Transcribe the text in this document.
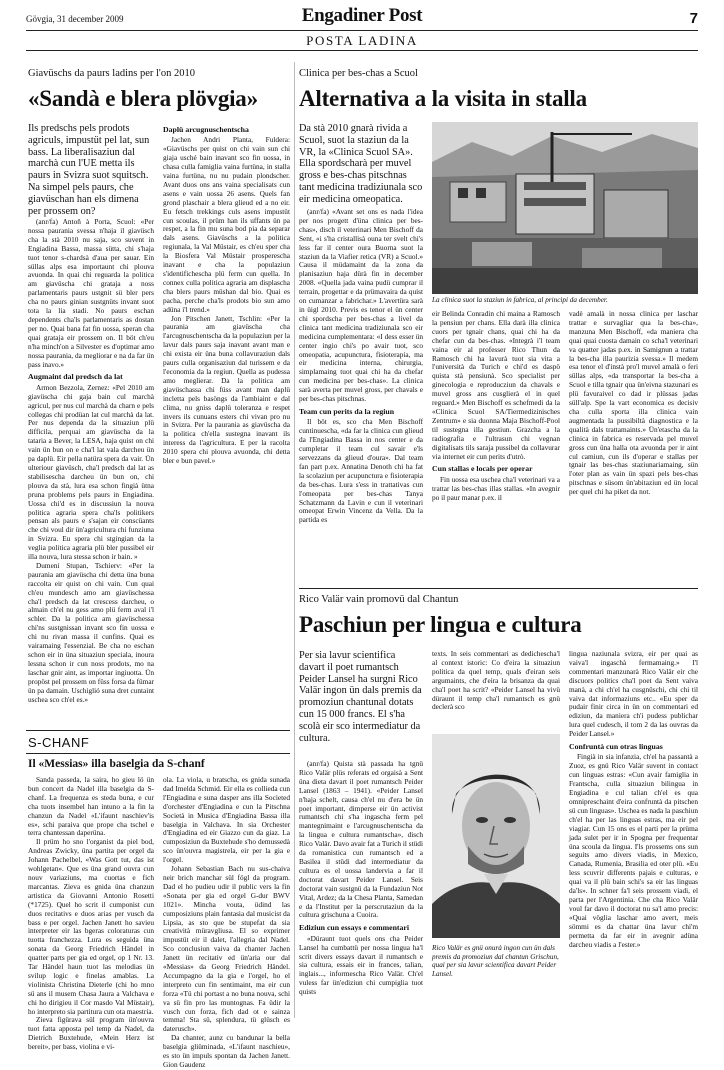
Gövgia, 31 december 2009	Engadiner Post	7
POSTA LADINA
Giavüschs da paurs ladins per l'on 2010
«Sandà e blera plövgia»
Ils predschs pels prodots agriculs, impustüt pel lat, sun bass. La liberalisaziun dal marchà cun l'UE metta ils paurs in Svizra suot squitsch. Na simpel pels paurs, che giavüschan han els dimena per prossem on?

(anr/fa) Antoň à Porta, Scuol: «Per nossa paurania svessa n'haja il giavüsch cha la stà 2010 nu saja, sco suvent in Engiadina Bassa, massa sütta, chi s'haja tuot tenor s-chardsà d'aua per sauar. Ein süllas alps esa importaunt chi plouva avuonda. In quai chi reguarda la politica am giavüscha chi grataja a noss parlamentaris paurs ustgnit sü bler pers cha no paurs ginian sustgnüts invant suot tota la lia stadi. No paurs eschan dependents cha'ls parlamentaris as dostan per no. Quai bana fat fin uossa, speran cha quai grataja eir prossem on. Il böt ch'eu n'ha minch'on a Silvester es d'optimar amo nossa paurania, da megliorar e na da far ün pass inavo.»

Augmaint dal predsch da lat

Armon Bezzola, Zernez: «Pel 2010 am giavüscha chi gaja bain cul marchà agricul, per nus cul marchà da charn e pels collegas chi prodüan lat cul marchà da lat. Per nus dependa da la situaziun plü difficila, perquai am giavüscha da la tataria a Bever, la LESA, haja quist on chi vain ün bun on e cha'l lat vala darcheu ün pa daplü. Eir pella natüra spera da vair. Ün ulteriour giavüsch, cha'l predsch dal lat as stabilisescha darcheu ün bun on, chi plouva da stà, lura esa schon fingià ütna pruna problems pels paurs in Engiadina. Uossa chi'd es in discussiun la nouva politica agraria spera cha'ls politikers pensan als paurs e s'sajan eir conscüants che chi voul dir ün'agricultura chi funziuna in Svizra. Eu spera chi stgingian da la veglia politica agraria plü bler pussibel eir illa nouva, lura stessa schon ir bain. »

Dumeni Stupan, Tschierv: «Per la paurania am giavüscha chi detta üna buna raccolta eir quist on chi vain. Cun quai ch'eu mundesch amo am giavüschessa cha'l predsch da lat crescess darcheu, o almain ch'el nu gess amo plü ferm aval i'l schler. Da la politica am giavüschessa chi'ns sustgnissan invant sco fin uossa e chi nu rivan massa il cunfins. Quai es vairamaing l'essenzial. Be cha no eschan schon eir in üna situaziun speciala, inoura lessna schon ir cun noss prodots, mo na laschar gnir aint, as importar ingiuotta. Ün propöst pel prossem on füss forsa da fümar ün pa damain. Uschiglió suna dret cuntaint uschea sco ch'el es.»

Daplü arcugnuschentscha

Jachen Andri Planta, Fuldera: «Giavüschs per quist on chi vain sun chi giaja usché bain inavant sco fin uossa, in chasa culla famiglia vaina furtüna, in stalla vaina furtüna, nu nu pudain plondscher. Avant duos ons ans vaina specialisats cun asens e vain uossa 26 asens. Quels fan grond plaschair a blera glieud ed a no eir. Eu fetsch trekkings culs asens impustüt cun scoulas, il prüm han ils uffants ün pa respet, a la fin mu suna bod pia da separar dals asens. Giavüschs a la politica regiunala, la Val Müstair, es ch'eu sper cha la Biosfera Val Müstair prosperescha inavant e cha la populaziun s'identifichescha plü ferm cun quella. In connex culla politica agraria am displascha cha blers paurs müshan dal bio. Quai es pacha, perche cha'ls prodots bio sun amo adüna i'l trend.»

Jon Pitschen Janett, Tschlin: «Per la paurania am giavüscha cha l'arcugnuschentscha da la populaziun per la lavur dals paurs saja inavant avant man e chi exista eir üna buna collavuraziun dals paurs culla organisaziun dal turissem e da l'economia da la regiun. Quella as pudessa amo meglierar. Da la politica am giavüschassa chi füss avant man daplü incletta pels basöngs da l'ambiaint e dal clima, nu gniss daplü toleranza e respet invers ils cunuans esters chi vivan pro nu in Svizra. Per la paurania as giavüscha da la politica ch'ella sustegna inavant ils interess da l'agricultura. E per la racolta 2010 spera chi plouva avuonda, chi detta bler e bun pavel.»

Clinica per bes-chas a Scuol
Alternativa a la visita in stalla
Da stà 2010 gnarà rivida a Scuol, suot la staziun da la VR, la «Clinica Scuol SA». Ella spordscharà per muvel gross e bes-chas pitschnas tant medicina tradiziunala sco eir medicina omeopatica.
La clinica suot la staziun in fabrica, al principi da december.

(anr/fa) «Avant set ons es nada l'idea per nos progett d'üna clinica per bes-chas», disch il veterinari Men Bischoff da Sent, «i s'ha cristallisà ouna ter svelt chi's less far il center oura Buorna suot la staziun da la Viafier retica (VR) a Scuol.» Causa il müdamaint da la zona da planisaziun haja dürà fin in december 2008. «Quella jada vaina pudü cumprar il terrain, progettar e da prümavaira da quist on cumanzar a fabrichar.» L'avertüra sarà in üigl 2010. Previs es tenor el ün center chi spordscha per bes-chas a livel da clinica tant medicina tradiziunala sco eir medicina cumplementara: «I dess esser ün center ingio chi's po avair tuot, sco omeopatia, acupunctura, fisioterapia, ma eir medicina interna, chirurgia, simplamaing tuot quai chi ha da chefar cun medicina per bes-chas». La clinica sarà averta per muvel gross, per chavals e per bes-chas pitschnas.

Team cun perits da la regiun

Il böt es, sco cha Men Bischoff cuntinuescha, «da far la clinica cun glieud da l'Engiadina Bassa in nos center e da cumpletar il team cul savair e'ls servezzans da glieud d'oura». Dal team fan part p.ex. Annatina Denoth chi ha fat la scolaziun per acupunctura e fisioterapia da bes-chas. Lura s'ess in trattativas cun l'omeopata per bes-chas Tanya Schatzmann da Lavin e cun il veterinari omeopat Erwin Vincenz da Vella. Da la partida es

eir Belinda Conradin chi maina a Ramosch la pensiun per chans. Ella darà illa clinica cuors per tgnair chans, quai chi ha da chefar cun da bes-chas. «Integrà i'l team vaina eir al professer Rico Thun da Ramosch chi ha lavurà tuot sia vita a l'università da Turich e chi'd es daspö quista stà pensiunà. Sco specialist per ginecologia e reproducziun da chavals e muvel gross ans cusglierà el in quel reguard.» Men Bischoff es schefmedi da la «Clinica Scuol SA/Tiermedizinisches Zentrum» e sia duonna Maja Bischoff-Pool til sustegna illa gestiun. Grazcha a la radiografia e l'ultrasun chi vegnan digitalisats tils saraja pussibel da collavurar via internet eir cun perits d'utrò.

Cun stallas e locals per operar

Fin uossa esa uschea cha'l veterinari va a trattar las bes-chas illas stallas. «In avegnir po il paur manar p.ex. il

vadè amalà in nossa clinica per laschar trattar e survagliar qua la bes-cha», manzuna Men Bischoff, «da maniera cha quai quai cuosta damain co scha'l veterinari va quatter jadas p.ex. in Samignun a trattar la bes-cha illa paurizia svessa.» Il medem esa tenor el d'instà pro'l muvel amalà o feri süllas alps, «da transportar la bes-cha a Scuol e tilla tgnair qua ün'eivna stazunari es plü favuraivel co dad ir plüssas jadas süll'alp. Spe la vart economica es decisiv cha culla sporta illa clinica vain augmentada la pussibiltà diagnostica e la qualità dals trattamaints.» Ün'etascha da la clinica in fabrica es reservada pel muvel gross cun üna halla ota avuonda per ir aint cul camiun, cun ils d'operar e stallas per tgnair las bes-chas staziunariamaing, sün l'oter plan as vain ün spazi pels bes-chas pitschnas e süsom ün'abitaziun ed ün local per quel chi ha piket da not.

Rico Valär vain promovü dal Chantun
Paschiun per lingua e cultura
Per sia lavur scientifica davart il poet rumantsch Peider Lansel ha surgni Rico Valär ingon ün dals premis da promoziun chantunal dotats cun 15 000 francs. El s'ha scolà eir sco intermediatur da cultura.

(anr/fa) Quista stà passada ha tgnü Rico Valär plüs referats ed orgaisà a Sent üna dieta davart il poet rumantsch Peider Lansel (1863 – 1941). «Peider Lansel n'haja schelt, causa ch'el nu d'era be ün poet important, dimperse eir ün activist rumantsch chi s'ha ingascha ferm pel mantegnimaint e l'arcugnuschentscha da la lingua e cultura rumantscha», disch Rico Valär. Davo avair fat a Turich il stüdi da romanistica cun rumantsch ed a Basilea il stüdi dad intermediatur da cultura es el uossa landervia a far il doctorat davart Peider Lansel. Seis doctorat vain sustgnü da la Fundaziun Not Vital, Ardez; da la Chesa Planta, Samedan e da l'Institut per la perscrutaziun da la cultura grischuna a Cuoira.

Ediziun cun essays e commentari

«Düraunt tuot quels ons cha Peider Lansel ha cumbattü per nossa lingua ha'l scrit divers essays davart il rumantsch e sia cultura, essais eir in frances, talian, inglais..., informescha Rico Valär. Ch'el vuless far ün'ediziun chi cumpiglia tuot quists

texts. In seis commentari as dedichescha'l al context istoric: Co d'eira la situaziun politica da quel temp, quals d'eiran seis argumaints, che d'eira la brisanza da quai cha'l poet ha scrit? «Peider Lansel ha vivü düraunt il temp cha'l rumantsch es gnü declerà sco

Rico Valär es gnü onurà ingon cun ün dals premis da promoziun dal chantun Grischun, quai per sia lavur scientifica davart Peider Lansel.

lingua naziunala svizra, eir per quai as vaiva'l ingaschà fermamaing.» I'l commentari manzunarà Rico Valär eir che discuors politics cha'l poet da Sent vaiva manà, a chi ch'el ha cusgnüschi, chi chi til vaiva dat informaziuns etc.. «Eu sper da pudair finir circa in ün on commentari ed ediziun, da maniera ch'i pudess publichar lura quel cudesch, il tom 2 da las ouvras da Peider Lansel.»

Confruntà cun otras linguas

Fingià in sia infanzia, ch'el ha passantà a Zuoz, es gnü Rico Valär suvent in contact cun linguas estras: «Cun avair famiglia in Frantscha, culla situaziun bilingua in Engiadina e cul talian ch'el es qua omnipreschaint d'eira confruntà da pitschen sü cun linguas». Uschea es nada la paschiun ch'el ha per las linguas estras, ma eir pel viagiar. Cun 15 ons es el parti per la prüma jada sulet per ir in Spogna per frequentar üna scoula da lingua. I'ls prossems ons sun seguits amo divers viadis, in Mexico, Canada, Rumenia, Brasilia ed oter plü. «Eu less scuvrir differents pajais e culturas, e quai va il plü bain schi's sa eir las linguas da'ls». In schner fa'l seis prossem viadi, el parta per l'Argentinia. Che cha Rico Valär voul far davo il doctorat nu sa'l amo precis: «Quai vöglia laschar amo avert, meis sömmi es da chattar üna lavur chi'm permetta da far eir in avegnir adüna darcheu viadis a l'ester.»

S-CHANF
Il «Messias» illa baselgia da S-chanf

Sanda passeda, la saira, ho gieu lö ün bun concert da Nadel illa baselgia da S-chanf. La frequenza es steda buna, e cur cha tuots insembel han intuno a la fin la chanzun da Nadel «L'ifaunt naschiev'is es», schi paraiva que prope cha tschel e terra chantessan daperüna.

Il prüm ho sno l'organist da piel bod, Andreas Zwicky, üna partita per orgel da Johann Pachelbel, «Was Gott tut, das ist wohlgetan». Que es üna grand ouvra cun nouv variaziuns, ma cuortas e fich marcantas. Zieva es gnida üna chanzun artistica da Giovanni Antonio Rosetti (*1725). Quel ho scrit il cumponist cun duos recitativs e duos arias per vusch da bass e per orgel. Jachen Janett ho savieu interpreter eir las bgeras coloraturas cun tuotta franchezza. Lura es seguida üna sonata da Georg Friedrich Händel in quatter parts per gia ed orgel, op 1 Nr. 13. Tar Händel haun tuot las melodias ün svilup logic e finelas amablas. La violinista Christina Dieterle (chi ho mno sü ans il musem Chasa Jaura a Valchava e chi ho dirigieu il Cor masdo Val Müstair), ho interpreto sia partitura cun ota maestria.

Zieva figürava sül program ün'ouvra tuot fatta apposta pel temp da Nadel, da Dietrich Buxtehude, «Mein Herz ist bereit», per bass, violina e vi-

ola. La viola, u bratscha, es gnida sunada dad Imelda Schmid. Eir ella es collieda cun l'Engiadina e suna dasper ans illa Societed d'orchester d'Engiadina e cun la Pitschna Società in Musica d'Engiadina Bassa illa baselgia in Valchava. In sia Orchester d'Engiadina ed eir Giazzo cun da giaz. La cumposiziun da Buxtehude s'ho demussedà sco ün'ouvra magistrela, eir per la gia e l'orgel.

Johann Sebastian Bach nu sus-chaiva neir brich manchar sül fögl da program. Dad el ho pudieu udir il public vers la fin «Sonata per gia ed orgel G-dur BWV 1021». Mincha vouta, üdind las cumposiziuns plain fantasia dal musicist da Lipsia, as sto que be stupefat da sia creatività müravgliusa. El so exprimer impustüt eir il dalet, l'allegria dal Nadel. Sco conclusiun vaiva da chanter Jachen Janett ün recitativ ed ün'aria our dal «Messias» da Georg Friedrich Händel. Accumpagno da la gia e l'orgel, ho el interpreto cun fin sentimaint, ma eir cun forza «Tü chi portast a no buna nouva, schi va sü fin pro las muntognas. Fa üdir la vusch cun forza, fich dad ot e sainza temma! Sta sü, splendura, tü glüsch es daterusch».

Da chanter, aunz cu bandunar la bella baselgia gliüminada, «L'ifaunt naschieu», es sto ün impuls spontan da Jachen Janett. Gion Gaudenz
